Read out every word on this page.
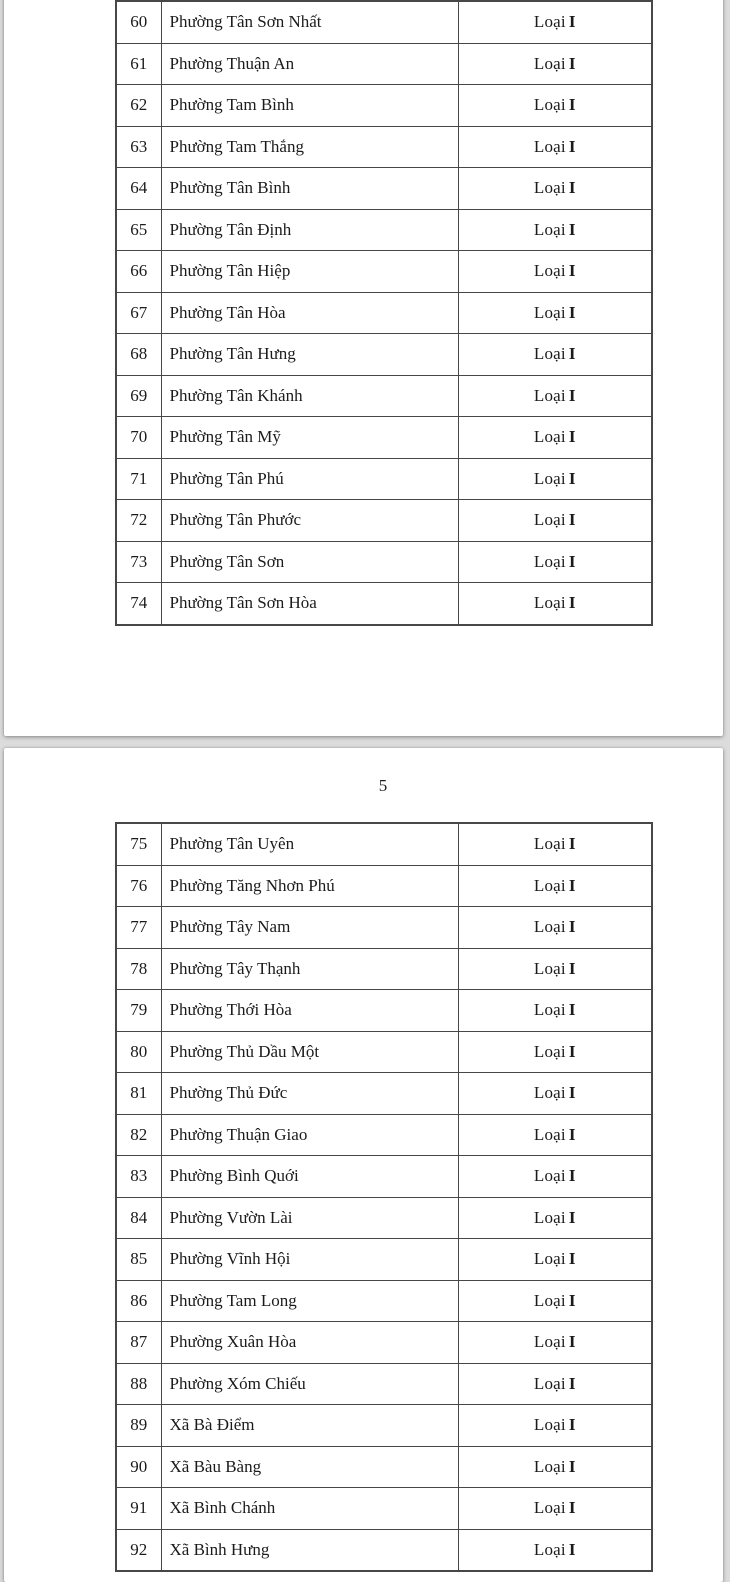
60	Phường Tân Sơn Nhất	Loại I
61	Phường Thuận An	Loại I
62	Phường Tam Bình	Loại I
63	Phường Tam Thắng	Loại I
64	Phường Tân Bình	Loại I
65	Phường Tân Định	Loại I
66	Phường Tân Hiệp	Loại I
67	Phường Tân Hòa	Loại I
68	Phường Tân Hưng	Loại I
69	Phường Tân Khánh	Loại I
70	Phường Tân Mỹ	Loại I
71	Phường Tân Phú	Loại I
72	Phường Tân Phước	Loại I
73	Phường Tân Sơn	Loại I
74	Phường Tân Sơn Hòa	Loại I
5
75	Phường Tân Uyên	Loại I
76	Phường Tăng Nhơn Phú	Loại I
77	Phường Tây Nam	Loại I
78	Phường Tây Thạnh	Loại I
79	Phường Thới Hòa	Loại I
80	Phường Thủ Dầu Một	Loại I
81	Phường Thủ Đức	Loại I
82	Phường Thuận Giao	Loại I
83	Phường Bình Quới	Loại I
84	Phường Vườn Lài	Loại I
85	Phường Vĩnh Hội	Loại I
86	Phường Tam Long	Loại I
87	Phường Xuân Hòa	Loại I
88	Phường Xóm Chiếu	Loại I
89	Xã Bà Điểm	Loại I
90	Xã Bàu Bàng	Loại I
91	Xã Bình Chánh	Loại I
92	Xã Bình Hưng	Loại I
